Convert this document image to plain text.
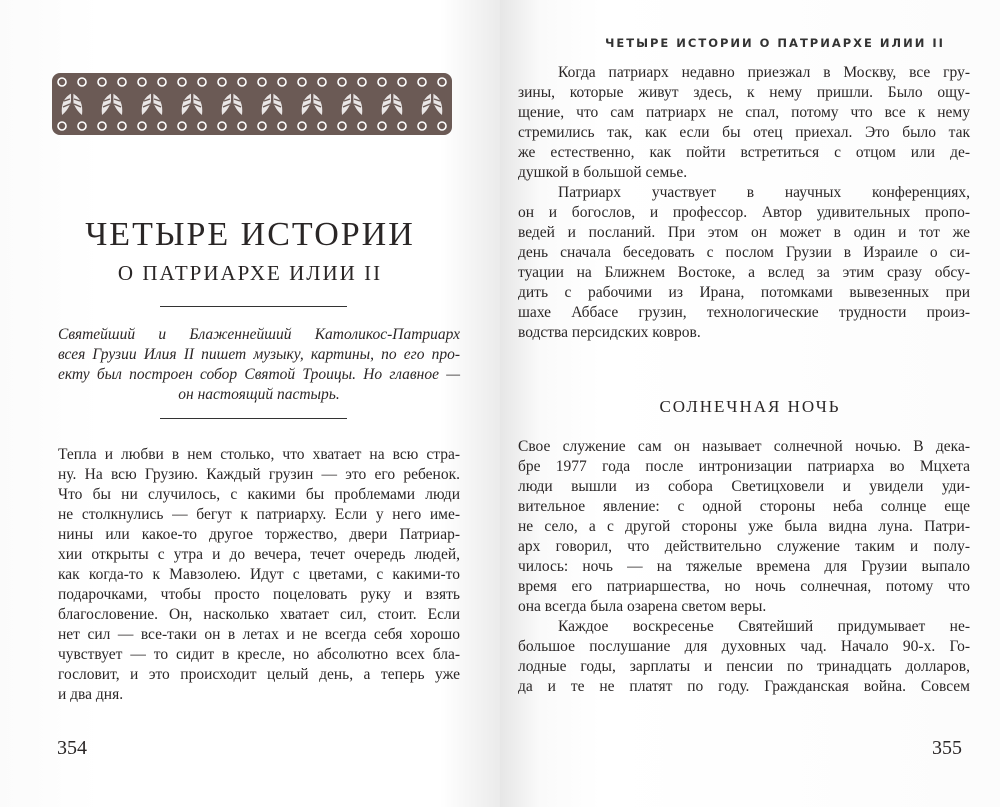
ЧЕТЫРЕ ИСТОРИИ
О ПАТРИАРХЕ ИЛИИ II
Святейший и Блаженнейший Католикос-Патриарх
всея Грузии Илия II пишет музыку, картины, по его про-
екту был построен собор Святой Троицы. Но главное —
он настоящий пастырь.
Тепла и любви в нем столько, что хватает на всю стра-
ну. На всю Грузию. Каждый грузин — это его ребенок.
Что бы ни случилось, с какими бы проблемами люди
не столкнулись — бегут к патриарху. Если у него име-
нины или какое-то другое торжество, двери Патриар-
хии открыты с утра и до вечера, течет очередь людей,
как когда-то к Мавзолею. Идут с цветами, с какими-то
подарочками, чтобы просто поцеловать руку и взять
благословение. Он, насколько хватает сил, стоит. Если
нет сил — все-таки он в летах и не всегда себя хорошо
чувствует — то сидит в кресле, но абсолютно всех бла-
гословит, и это происходит целый день, а теперь уже
и два дня.
354
ЧЕТЫРЕ ИСТОРИИ О ПАТРИАРХЕ ИЛИИ II
Когда патриарх недавно приезжал в Москву, все гру-
зины, которые живут здесь, к нему пришли. Было ощу-
щение, что сам патриарх не спал, потому что все к нему
стремились так, как если бы отец приехал. Это было так
же естественно, как пойти встретиться с отцом или де-
душкой в большой семье.
Патриарх участвует в научных конференциях,
он и богослов, и профессор. Автор удивительных пропо-
ведей и посланий. При этом он может в один и тот же
день сначала беседовать с послом Грузии в Израиле о си-
туации на Ближнем Востоке, а вслед за этим сразу обсу-
дить с рабочими из Ирана, потомками вывезенных при
шахе Аббасе грузин, технологические трудности произ-
водства персидских ковров.
СОЛНЕЧНАЯ НОЧЬ
Свое служение сам он называет солнечной ночью. В дека-
бре 1977 года после интронизации патриарха во Мцхета
люди вышли из собора Светицховели и увидели уди-
вительное явление: с одной стороны неба солнце еще
не село, а с другой стороны уже была видна луна. Патри-
арх говорил, что действительно служение таким и полу-
чилось: ночь — на тяжелые времена для Грузии выпало
время его патриаршества, но ночь солнечная, потому что
она всегда была озарена светом веры.
Каждое воскресенье Святейший придумывает не-
большое послушание для духовных чад. Начало 90-х. Го-
лодные годы, зарплаты и пенсии по тринадцать долларов,
да и те не платят по году. Гражданская война. Совсем
355
